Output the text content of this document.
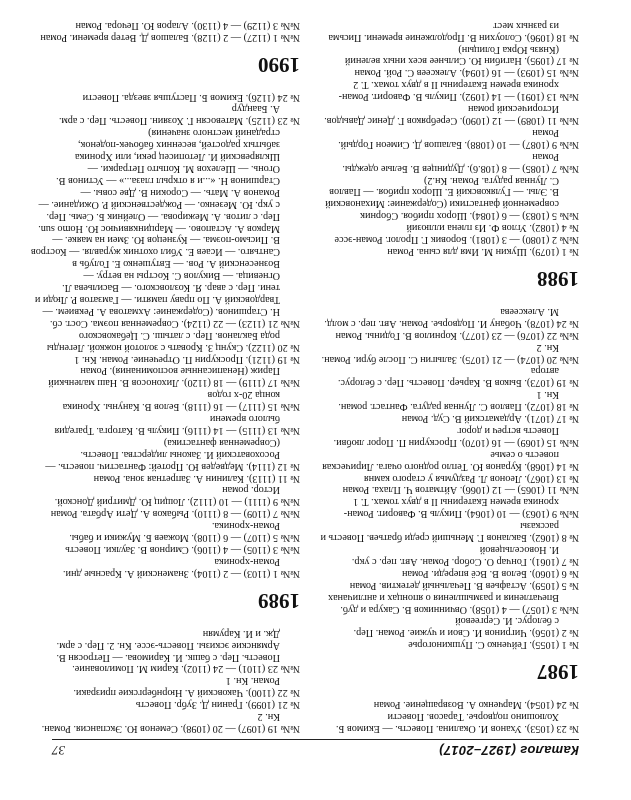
Каталог (1927–2017)
37

№ 23 (1053). Уханов И. Окалина. Повесть. — Екимов Б.
Холюшино подворье. Тарасов. Повести

№ 24 (1054). Марченко А. Возвращение. Роман

1987

№ 1 (1055). Гейченко С. Пушкиногорье

№ 2 (1056). Чигринов И. Свои и чужие. Роман. Пер.
с белорус. И. Сергеевой

№№ 3 (1057) — 4 (1058). Овчинников В. Сакура и дуб.
Впечатления и размышления о японцах и англичанах

№ 5 (1059). Астафьев В. Печальный детектив. Роман

№ 6 (1060). Белов В. Всё впереди. Роман

№ 7 (1061). Гончар О. Собор. Роман. Авт. пер. с укр.
И. Новосельцевой

№ 8 (1062). Бакланов Г. Меньший среди братьев. Повесть и
рассказы

№№ 9 (1063) — 10 (1064). Пикуль В. Фаворит. Роман-
хроника времен Екатерины II в двух томах. Т. 1

№№ 11 (1065) — 12 (1066). Айтматов Ч. Плаха. Роман

№ 13 (1067). Леонов Л. Раздумья у старого камня

№ 14 (1068). Куранов Ю. Тепло родного очага. Лирическая
повесть о семье

№№ 15 (1069) — 16 (1070). Проскурин П. Порог любви.
Повесть встреч и дорог

№ 17 (1071). Ардаматский В. Суд. Роман

№ 18 (1072). Павлов С. Лунная радуга. Фантаст. роман.
Кн. 1

№ 19 (1073). Быков В. Карьер. Повесть. Пер. с белорус.
автора

№№ 20 (1074) — 21 (1075). Залыгин С. После бури. Роман.
Кн. 2

№№ 22 (1076) — 23 (1077). Корнилов В. Годины. Роман

№ 24 (1078). Чобану И. Подворье. Роман. Авт. пер. с молд.
М. Алексеева

1988

№ 1 (1079). Шукин М. Имя для сына. Роман

№№ 2 (1080) — 3 (1081). Боровик Г. Пролог. Роман-эссе

№ 4 (1082). Углов Ф. Из плена иллюзий

№№ 5 (1083) — 6 (1084). Шорох прибоя. Сборник
современной фантастики (Содержание: Михановский
В. Элы. — Гуляковский Е. Шорох прибоя. — Павлов
С. Лунная радуга. Роман. Кн.2)

№№ 7 (1085) — 8 (108.6). Дудинцев В. Белые одежды.
Роман

№№ 9 (1087) — 10 (1088). Балашов Д. Симеон Гордый.
Роман

№№ 11 (1089) — 12 (1090). Серебряков Г. Денис Давыдов.
Исторический роман

№№ 13 (1091) — 14 (1092). Пикуль В. Фаворит. Роман-
хроника времен Екатерины II в двух томах. Т. 2

№№ 15 (1093) — 16 (1094). Алексеев С. Рой. Роман

№ 17 (1095). Нагибин Ю. Сильнее всех иных велений
(Князь Юрка Голицын)

№ 18 (1096). Солоухин В. Продолжение времени. Письма
из разных мест

№№ 19 (1097) — 20 (1098). Семенов Ю. Экспансия. Роман.
Кн. 2

№ 21 (1099). Гранин Д. Зубр. Повесть

№ 22 (1100). Чаковский А. Нюрнбергские призраки.
Роман. Кн. 1

№№ 23 (1101) — 24 (1102). Карим М. Помилование.
Повесть. Пер. с башк. И. Каримова. — Петросян В.
Армянские эскизы. Повесть-эссе. Кн. 2. Пер. с арм.
Дж. и И. Карумян

1989

№№ 1 (1103) — 2 (1104). Знаменский А. Красные дни.
Роман-хроника

№№ 3 (1105) — 4 (1106). Смирнов В. Заулки. Повесть

№№ 5 (1107) — 6 (1108). Можаев Б. Мужики и бабы.
Роман-хроника.

№№ 7 (1109) — 8 (1110). Рыбаков А. Дети Арбата. Роман

№№ 9 (1111) — 10 (1112). Лощиц Ю. Дмитрий Донской.
Истор. роман

№ 11 (1113). Калинин А. Запретная зона. Роман

№ 12 (1114). Медведев Ю. Протей: Фантастич. повесть. —
Росоховатский И. Законы лидерства. Повесть.
(Современная фантастика)

№№ 13 (1115) — 14 (1116). Пикуль В. Каторга. Трагедия
былого времени

№№ 15 (1117) — 16 (1118). Белов В. Кануны. Хроника
конца 20-х годов

№№ 17 (1119) — 18 (1120). Лихоносов В. Наш маленький
Париж (Ненаписанные воспоминания). Роман

№ 19 (1121). Проскурин П. Отречение. Роман. Кн. 1

№ 20 (1122). Скунц З. Кровать с золотой ножкой. Легенды
рода Бакланов. Пер. с латыш. С. Цебаковского

№№ 21 (1123) — 22 (1124). Современная поэма. Сост. сб.
Н. Старшинов. (Содержание: Ахматова А. Реквием. —
Твардовский А. По праву памяти. — Гамзатов Р. Люди и
тени. Пер. с авар. Я. Козловского. — Васильева Л.
Огневица. — Викулов С. Костры на ветру. —
Вознесенский А. Ров. — Евтушенко Е. Голубь в
Сантьяго. — Исаев Е. Убил охотник журавля. — Костров
В. Письмо-поэма. — Кузнецов Ю. Змеи на маяке. —
Марков А. Астапово. — Марцинкявичюс Ю. Homo sun.
Пер. с литов. А. Межирова. — Олейник Б. Семь. Пер.
с укр. Ю. Мезенко. — Рождественский Р. Ожидание. —
Романов А. Мать. — Сорокин В. Две совы. —
Старшинов Н. «...и я открыл глаза...» — Устинов В.
Огонь. — Шелехов М. Копыто Петрарки. —
Шкляревский И. Летописец реки, или Хроника
забытых радостей, весенних бабочек-поденок,
страданий местного значения)

№ 23 (1125). Матевосян Г. Хозяин. Повесть. Пер. с арм.
А. Баандур

№ 24 (1126). Екимов Б. Пастушья звезда. Повести

1990

№№ 1 (1127) — 2 (1128). Балашов Д. Ветер времени. Роман

№№ 3 (1129) — 4 (1130). Аларов Ю. Печора. Роман
